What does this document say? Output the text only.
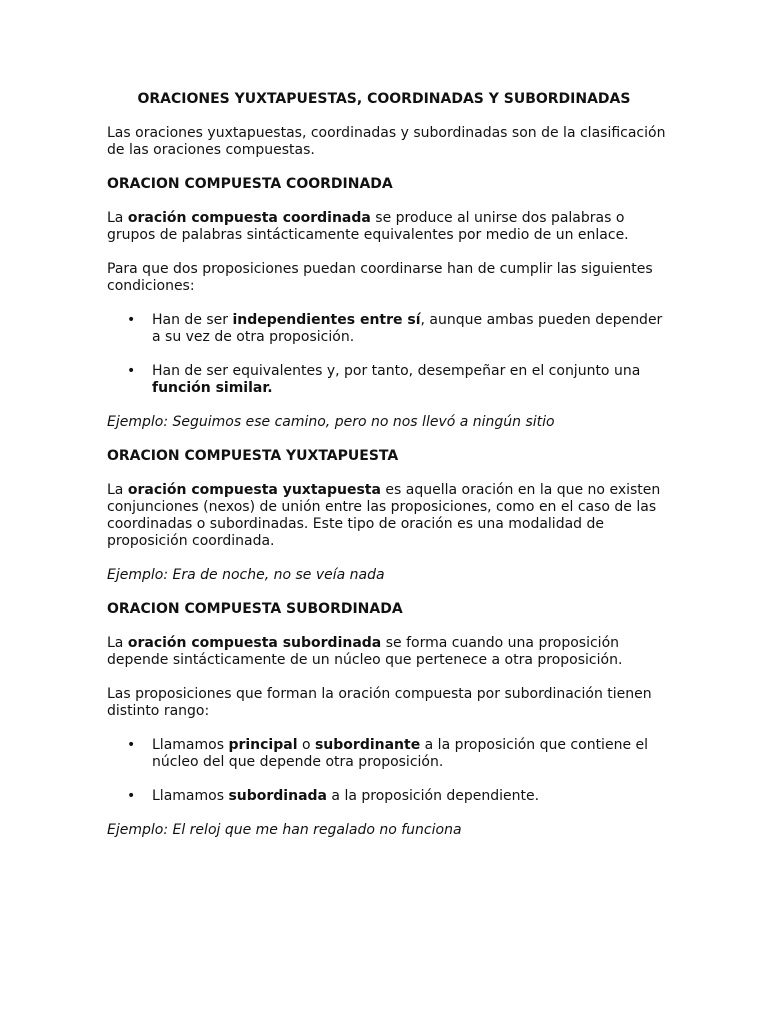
ORACIONES YUXTAPUESTAS, COORDINADAS Y SUBORDINADAS

Las oraciones yuxtapuestas, coordinadas y subordinadas son de la clasificación de las oraciones compuestas.

ORACION COMPUESTA COORDINADA

La oración compuesta coordinada se produce al unirse dos palabras o grupos de palabras sintácticamente equivalentes por medio de un enlace.

Para que dos proposiciones puedan coordinarse han de cumplir las siguientes condiciones:

• Han de ser independientes entre sí, aunque ambas pueden depender a su vez de otra proposición.
• Han de ser equivalentes y, por tanto, desempeñar en el conjunto una función similar.

Ejemplo: Seguimos ese camino, pero no nos llevó a ningún sitio

ORACION COMPUESTA YUXTAPUESTA

La oración compuesta yuxtapuesta es aquella oración en la que no existen conjunciones (nexos) de unión entre las proposiciones, como en el caso de las coordinadas o subordinadas. Este tipo de oración es una modalidad de proposición coordinada.

Ejemplo: Era de noche, no se veía nada

ORACION COMPUESTA SUBORDINADA

La oración compuesta subordinada se forma cuando una proposición depende sintácticamente de un núcleo que pertenece a otra proposición.

Las proposiciones que forman la oración compuesta por subordinación tienen distinto rango:

• Llamamos principal o subordinante a la proposición que contiene el núcleo del que depende otra proposición.
• Llamamos subordinada a la proposición dependiente.

Ejemplo: El reloj que me han regalado no funciona
